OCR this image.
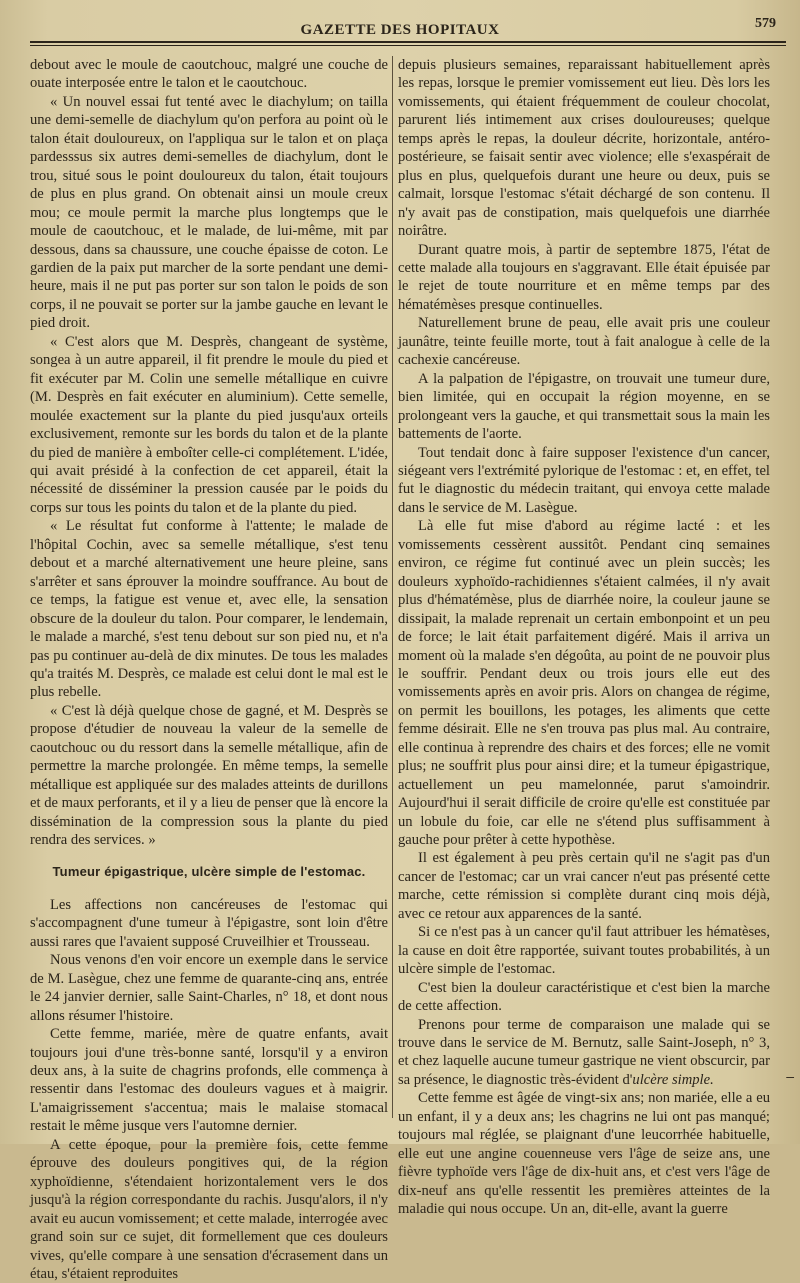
GAZETTE DES HOPITAUX	579

debout avec le moule de caoutchouc, malgré une couche de ouate interposée entre le talon et le caoutchouc.

« Un nouvel essai fut tenté avec le diachylum; on tailla une demi-semelle de diachylum qu'on perfora au point où le talon était douloureux, on l'appliqua sur le talon et on plaça pardesssus six autres demi-semelles de diachylum, dont le trou, situé sous le point douloureux du talon, était toujours de plus en plus grand. On obtenait ainsi un moule creux mou; ce moule permit la marche plus longtemps que le moule de caoutchouc, et le malade, de lui-même, mit par dessous, dans sa chaussure, une couche épaisse de coton. Le gardien de la paix put marcher de la sorte pendant une demi-heure, mais il ne put pas porter sur son talon le poids de son corps, il ne pouvait se porter sur la jambe gauche en levant le pied droit.

« C'est alors que M. Desprès, changeant de système, songea à un autre appareil, il fit prendre le moule du pied et fit exécuter par M. Colin une semelle métallique en cuivre (M. Desprès en fait exécuter en aluminium). Cette semelle, moulée exactement sur la plante du pied jusqu'aux orteils exclusivement, remonte sur les bords du talon et de la plante du pied de manière à emboîter celle-ci complétement. L'idée, qui avait présidé à la confection de cet appareil, était la nécessité de disséminer la pression causée par le poids du corps sur tous les points du talon et de la plante du pied.

« Le résultat fut conforme à l'attente; le malade de l'hôpital Cochin, avec sa semelle métallique, s'est tenu debout et a marché alternativement une heure pleine, sans s'arrêter et sans éprouver la moindre souffrance. Au bout de ce temps, la fatigue est venue et, avec elle, la sensation obscure de la douleur du talon. Pour comparer, le lendemain, le malade a marché, s'est tenu debout sur son pied nu, et n'a pas pu continuer au-delà de dix minutes. De tous les malades qu'a traités M. Desprès, ce malade est celui dont le mal est le plus rebelle.

« C'est là déjà quelque chose de gagné, et M. Desprès se propose d'étudier de nouveau la valeur de la semelle de caoutchouc ou du ressort dans la semelle métallique, afin de permettre la marche prolongée. En même temps, la semelle métallique est appliquée sur des malades atteints de durillons et de maux perforants, et il y a lieu de penser que là encore la dissémination de la compression sous la plante du pied rendra des services. »

Tumeur épigastrique, ulcère simple de l'estomac.

Les affections non cancéreuses de l'estomac qui s'accompagnent d'une tumeur à l'épigastre, sont loin d'être aussi rares que l'avaient supposé Cruveilhier et Trousseau.

Nous venons d'en voir encore un exemple dans le service de M. Lasègue, chez une femme de quarante-cinq ans, entrée le 24 janvier dernier, salle Saint-Charles, n° 18, et dont nous allons résumer l'histoire.

Cette femme, mariée, mère de quatre enfants, avait toujours joui d'une très-bonne santé, lorsqu'il y a environ deux ans, à la suite de chagrins profonds, elle commença à ressentir dans l'estomac des douleurs vagues et à maigrir. L'amaigrissement s'accentua; mais le malaise stomacal restait le même jusque vers l'automne dernier.

A cette époque, pour la première fois, cette femme éprouve des douleurs pongitives qui, de la région xyphoïdienne, s'étendaient horizontalement vers le dos jusqu'à la région correspondante du rachis. Jusqu'alors, il n'y avait eu aucun vomissement; et cette malade, interrogée avec grand soin sur ce sujet, dit formellement que ces douleurs vives, qu'elle compare à une sensation d'écrasement dans un étau, s'étaient reproduites

depuis plusieurs semaines, reparaissant habituellement après les repas, lorsque le premier vomissement eut lieu. Dès lors les vomissements, qui étaient fréquemment de couleur chocolat, parurent liés intimement aux crises douloureuses; quelque temps après le repas, la douleur décrite, horizontale, antéro-postérieure, se faisait sentir avec violence; elle s'exaspérait de plus en plus, quelquefois durant une heure ou deux, puis se calmait, lorsque l'estomac s'était déchargé de son contenu. Il n'y avait pas de constipation, mais quelquefois une diarrhée noirâtre.

Durant quatre mois, à partir de septembre 1875, l'état de cette malade alla toujours en s'aggravant. Elle était épuisée par le rejet de toute nourriture et en même temps par des hématémèses presque continuelles.

Naturellement brune de peau, elle avait pris une couleur jaunâtre, teinte feuille morte, tout à fait analogue à celle de la cachexie cancéreuse.

A la palpation de l'épigastre, on trouvait une tumeur dure, bien limitée, qui en occupait la région moyenne, en se prolongeant vers la gauche, et qui transmettait sous la main les battements de l'aorte.

Tout tendait donc à faire supposer l'existence d'un cancer, siégeant vers l'extrémité pylorique de l'estomac : et, en effet, tel fut le diagnostic du médecin traitant, qui envoya cette malade dans le service de M. Lasègue.

Là elle fut mise d'abord au régime lacté : et les vomissements cessèrent aussitôt. Pendant cinq semaines environ, ce régime fut continué avec un plein succès; les douleurs xyphoïdo-rachidiennes s'étaient calmées, il n'y avait plus d'hématémèse, plus de diarrhée noire, la couleur jaune se dissipait, la malade reprenait un certain embonpoint et un peu de force; le lait était parfaitement digéré. Mais il arriva un moment où la malade s'en dégoûta, au point de ne pouvoir plus le souffrir. Pendant deux ou trois jours elle eut des vomissements après en avoir pris. Alors on changea de régime, on permit les bouillons, les potages, les aliments que cette femme désirait. Elle ne s'en trouva pas plus mal. Au contraire, elle continua à reprendre des chairs et des forces; elle ne vomit plus; ne souffrit plus pour ainsi dire; et la tumeur épigastrique, actuellement un peu mamelonnée, parut s'amoindrir. Aujourd'hui il serait difficile de croire qu'elle est constituée par un lobule du foie, car elle ne s'étend plus suffisamment à gauche pour prêter à cette hypothèse.

Il est également à peu près certain qu'il ne s'agit pas d'un cancer de l'estomac; car un vrai cancer n'eut pas présenté cette marche, cette rémission si complète durant cinq mois déjà, avec ce retour aux apparences de la santé.

Si ce n'est pas à un cancer qu'il faut attribuer les hématèses, la cause en doit être rapportée, suivant toutes probabilités, à un ulcère simple de l'estomac.

C'est bien la douleur caractéristique et c'est bien la marche de cette affection.

Prenons pour terme de comparaison une malade qui se trouve dans le service de M. Bernutz, salle Saint-Joseph, n° 3, et chez laquelle aucune tumeur gastrique ne vient obscurcir, par sa présence, le diagnostic très-évident d'ulcère simple.

Cette femme est âgée de vingt-six ans; non mariée, elle a eu un enfant, il y a deux ans; les chagrins ne lui ont pas manqué; toujours mal réglée, se plaignant d'une leucorrhée habituelle, elle eut une angine couenneuse vers l'âge de seize ans, une fièvre typhoïde vers l'âge de dix-huit ans, et c'est vers l'âge de dix-neuf ans qu'elle ressentit les premières atteintes de la maladie qui nous occupe. Un an, dit-elle, avant la guerre

–
